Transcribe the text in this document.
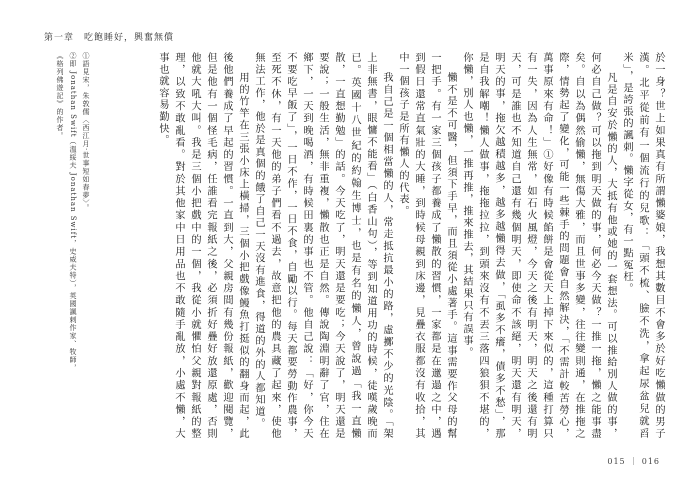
第一章　吃飽睡好，興奮無償

於一身？世上如果真有所謂懶婆娘，我想其數目不會多於好吃懶做的男子漢。北平從前有一個流行的兒歌：「頭不梳、臉不洗，拿起尿盆兒就舀米」，是誇張的諷刺。懶字從女，有一點冤枉。

凡是自安於懶的人，大抵有他或她的一套想法。可以推給別人做的事，何必自己做？可以拖到明天做的事，何必今天做？一推一拖，懶之能事盡矣。自以為偶然偷懶，無傷大雅，而且世事多變，往往變則通，在推拖之際，情勢起了變化，可能一些棘手的問題會自然解決，「不需計較苦勞心，萬事原來有命！」①好像有時候餡餅是會從天上掉下來似的，這種打算只有一失，因為人生無常，如石火風燈，今天之後有明天，明天之後還有明天，可是誰也不知道自己還有幾個明天，即使命不該絕，明天還有明天，明天的事，拖欠越積越多，越多越懶得去做，「虱多不癢，債多不愁」，那是自我解嘲！懶人做事，拖拖拉拉，到頭來沒有不丟三落四狼狽不堪的，你懶，別人也懶，一推再推，推來推去，其結果只有誤事。

懶不是不可醫，但須下手早，而且須從小處著手。這事需要作父母的幫一把手。有一家三個孩子都養成了懶散的習慣，一家都是在邋遢之中，遇到假日還常直氣壯的大睡，到時候母親到床邊，見疊衣服都沒有收拾，其中一個孩子是所有懶人的代表。

我自己是一個相當懶的人，常走抵抗最小的路，虛擲不少的光陰。「架上非無書，眼慵不能看」（白香山句），等到知道用功的時候，徒嘆歲晚而已。英國十八世紀的約翰生博士，也是有名的懶人，曾說過「我一直懶散，一直想勤勉」的話。今天吃了，明天還是要吃；今天說了，明天還是要說；一般生活，無非重複，懶散也正是自然。傳說陶淵明辭了官，住在鄉下，一天到晚喝酒，有時候田裏的事也不管。他自己說：「好，你今天不要吃早飯了」，一日不作，一日不食，自勵以行。每天都要勞動作農事，至死不休，有一天他的弟子們看不過去，故意把他的農具藏了起來，使他無法工作，他於是真個的餓了自己一天沒有進食，得道的外的人都知道。

用的竹竿在三張小床上橫掃，三個小把戲像鰻魚打挺似的翻身而起，此後他們養成了早起的習慣。一直到大，父親房間有幾份報紙，歡迎閱覽，但是他有一個怪毛病，任誰看完報紙之後，必須折好疊好放還原處，否則他就大吼大叫。我是三個小把戲中的一個，我從小就懼怕父親對報紙的整理，以致不敢亂看。對於其他家中日用品也不敢隨手亂放，小處不懶，大事也就容易勤快。

①語見宋，朱敦儒〈西江月‧世事短如春夢〉。

②即 Jonathan Swift（溫綏夫 Jonathan Swift，史威夫特），英國諷刺作家、牧師，《格列佛遊記》的作者。

015 ｜ 016
